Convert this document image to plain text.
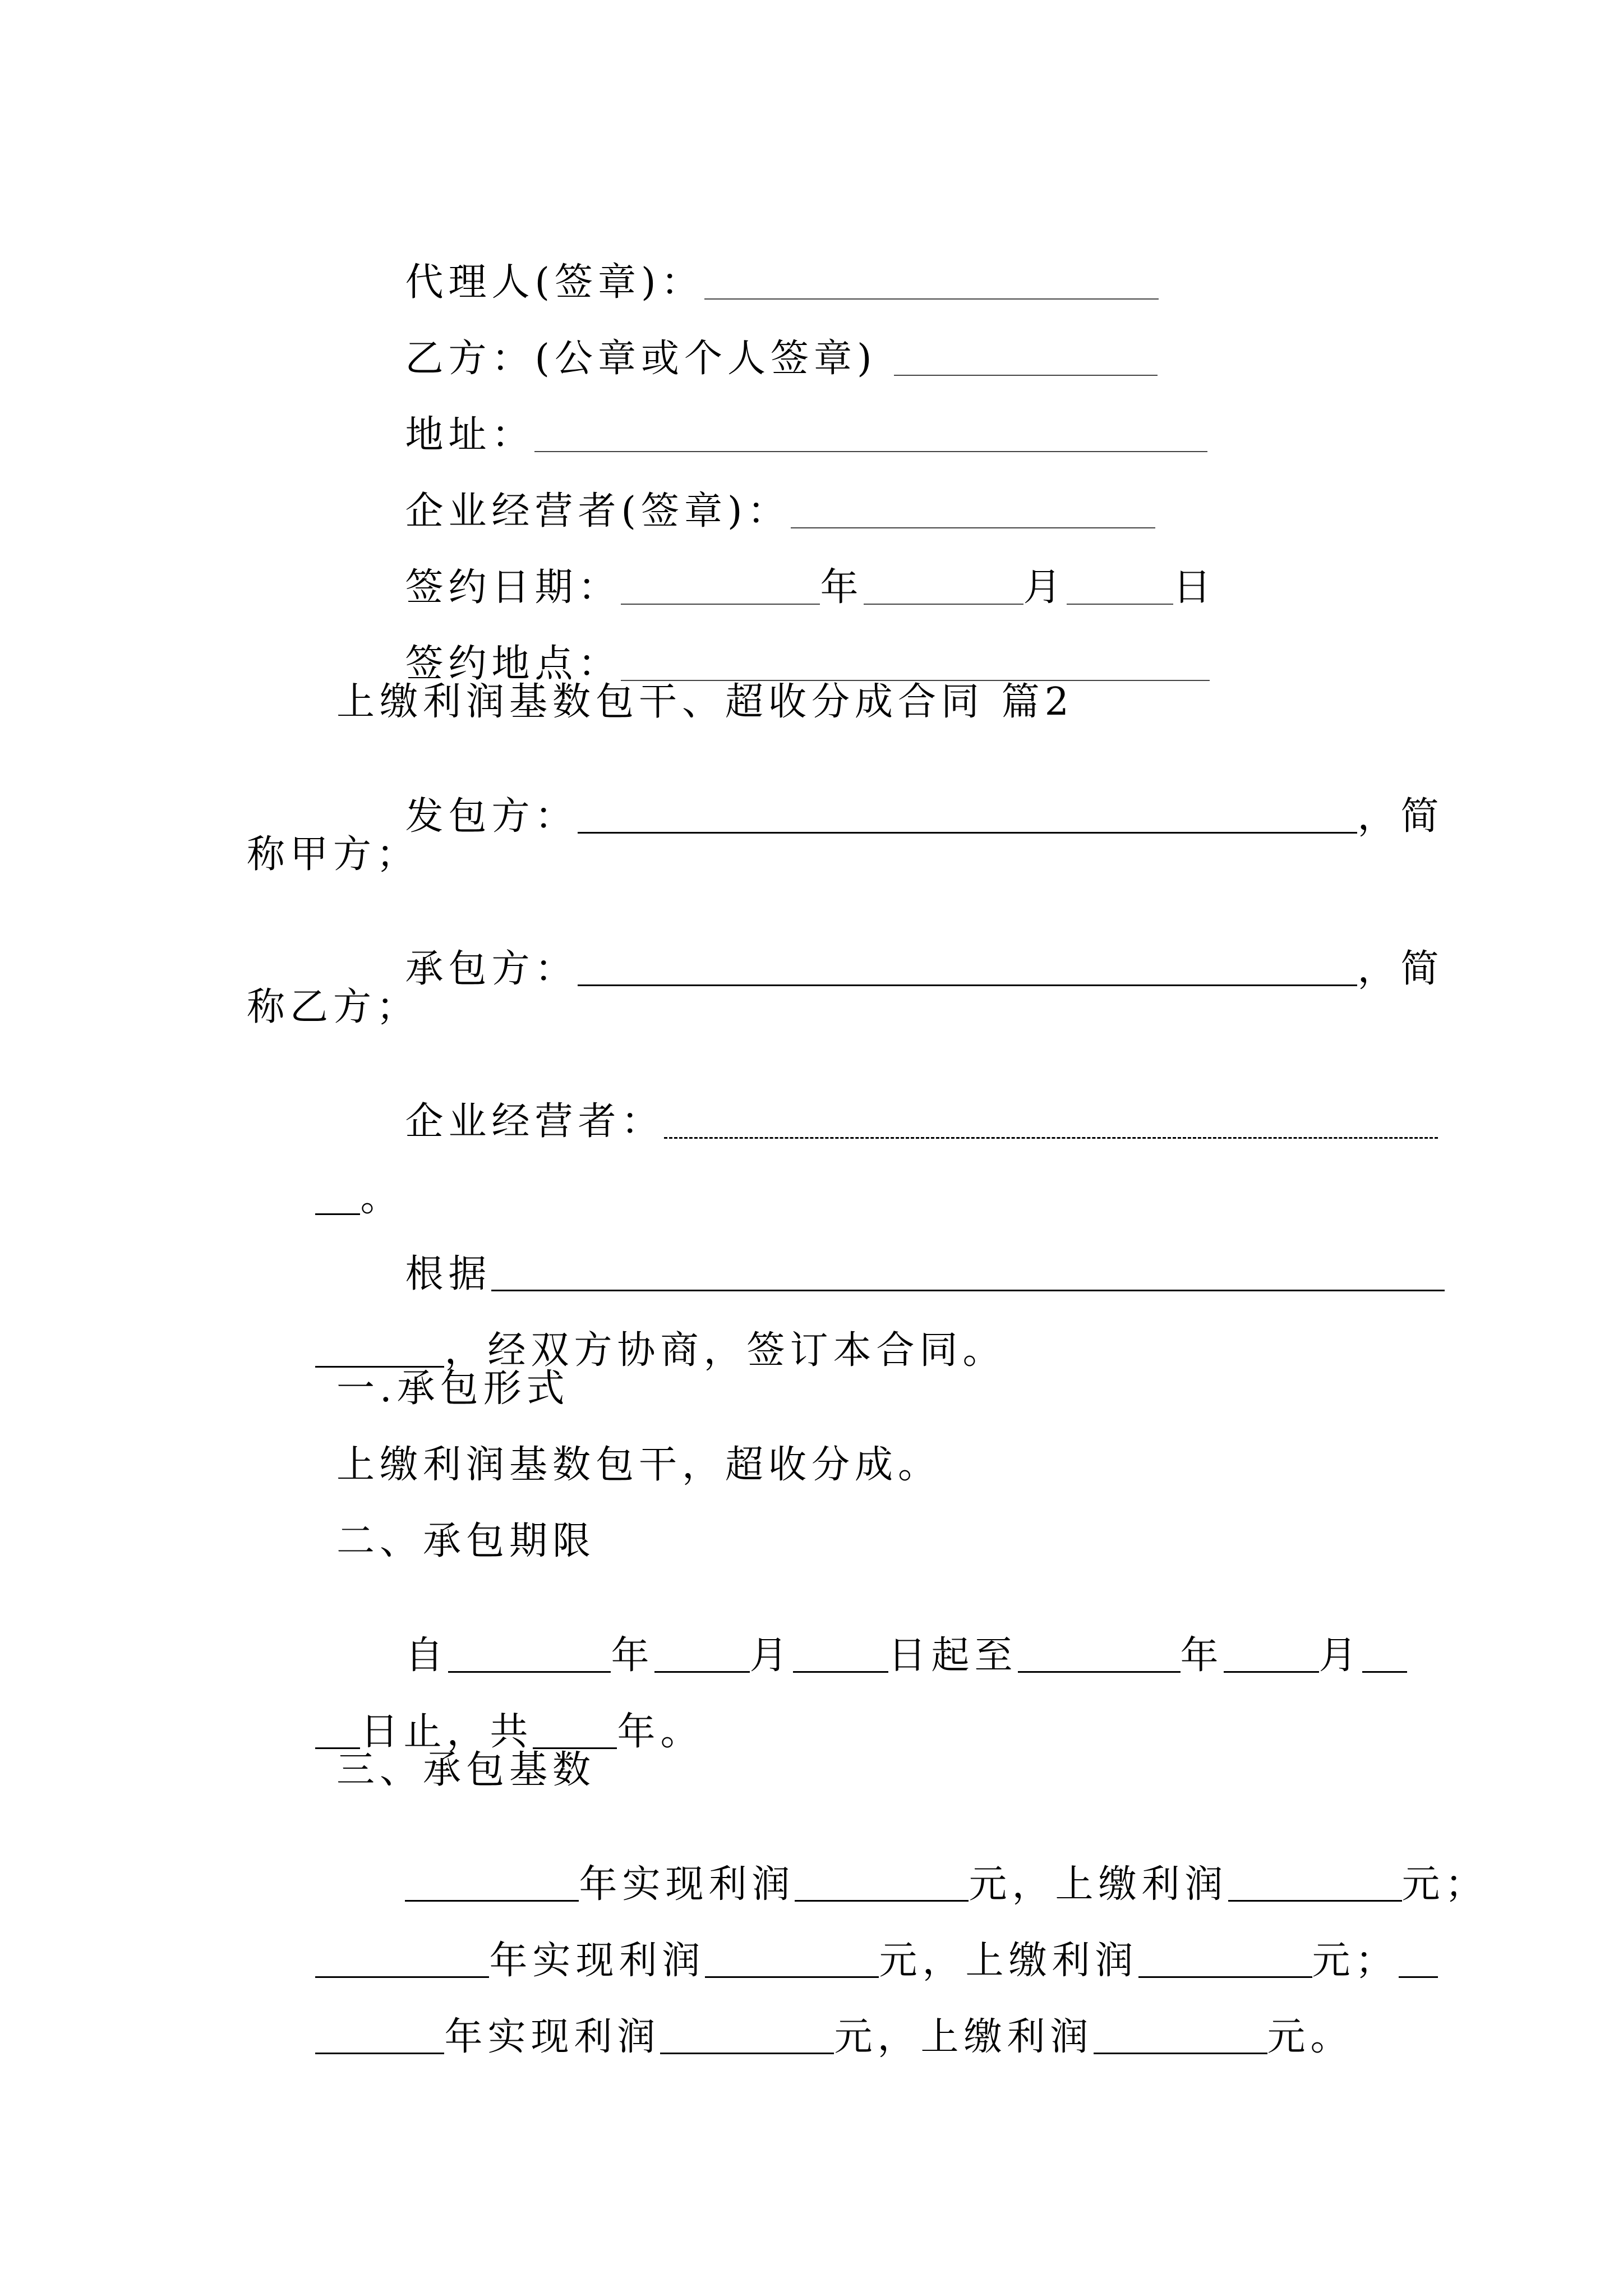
代理人(签章)：

乙方：(公章或个人签章)

地址：

企业经营者(签章)：

签约日期：	年	月	日

签约地点：

上缴利润基数包干、超收分成合同 篇2

发包方：	，简

称甲方；

承包方：	，简

称乙方；

企业经营者：

。

根据

，经双方协商，签订本合同。

一.承包形式
上缴利润基数包干，超收分成。
二、承包期限

自	年	月	日起至	年	月

日止，共 年。

三、承包基数

年实现利润	元，上缴利润	元；

年实现利润	元，上缴利润	元；

年实现利润	元，上缴利润	元。
